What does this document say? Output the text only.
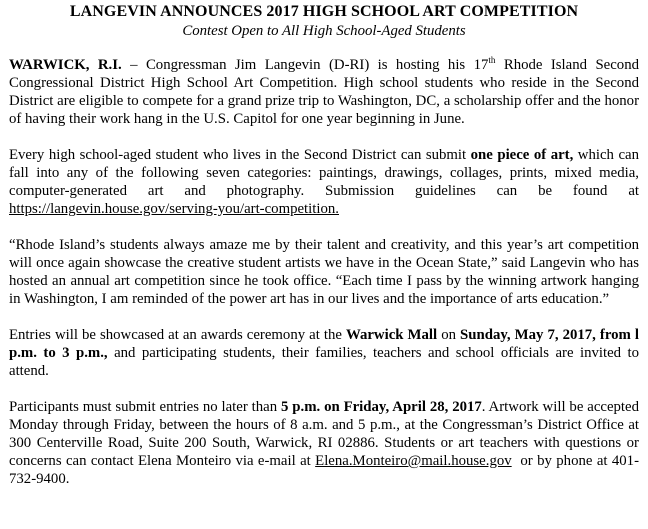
LANGEVIN ANNOUNCES 2017 HIGH SCHOOL ART COMPETITION
Contest Open to All High School-Aged Students

WARWICK, R.I. – Congressman Jim Langevin (D-RI) is hosting his 17th Rhode Island Second Congressional District High School Art Competition. High school students who reside in the Second District are eligible to compete for a grand prize trip to Washington, DC, a scholarship offer and the honor of having their work hang in the U.S. Capitol for one year beginning in June.

Every high school-aged student who lives in the Second District can submit one piece of art, which can fall into any of the following seven categories: paintings, drawings, collages, prints, mixed media, computer-generated art and photography. Submission guidelines can be found at https://langevin.house.gov/serving-you/art-competition.

“Rhode Island’s students always amaze me by their talent and creativity, and this year’s art competition will once again showcase the creative student artists we have in the Ocean State,” said Langevin who has hosted an annual art competition since he took office. “Each time I pass by the winning artwork hanging in Washington, I am reminded of the power art has in our lives and the importance of arts education.”

Entries will be showcased at an awards ceremony at the Warwick Mall on Sunday, May 7, 2017, from l p.m. to 3 p.m., and participating students, their families, teachers and school officials are invited to attend.

Participants must submit entries no later than 5 p.m. on Friday, April 28, 2017. Artwork will be accepted Monday through Friday, between the hours of 8 a.m. and 5 p.m., at the Congressman’s District Office at 300 Centerville Road, Suite 200 South, Warwick, RI 02886. Students or art teachers with questions or concerns can contact Elena Monteiro via e-mail at Elena.Monteiro@mail.house.gov  or by phone at 401-732-9400.
